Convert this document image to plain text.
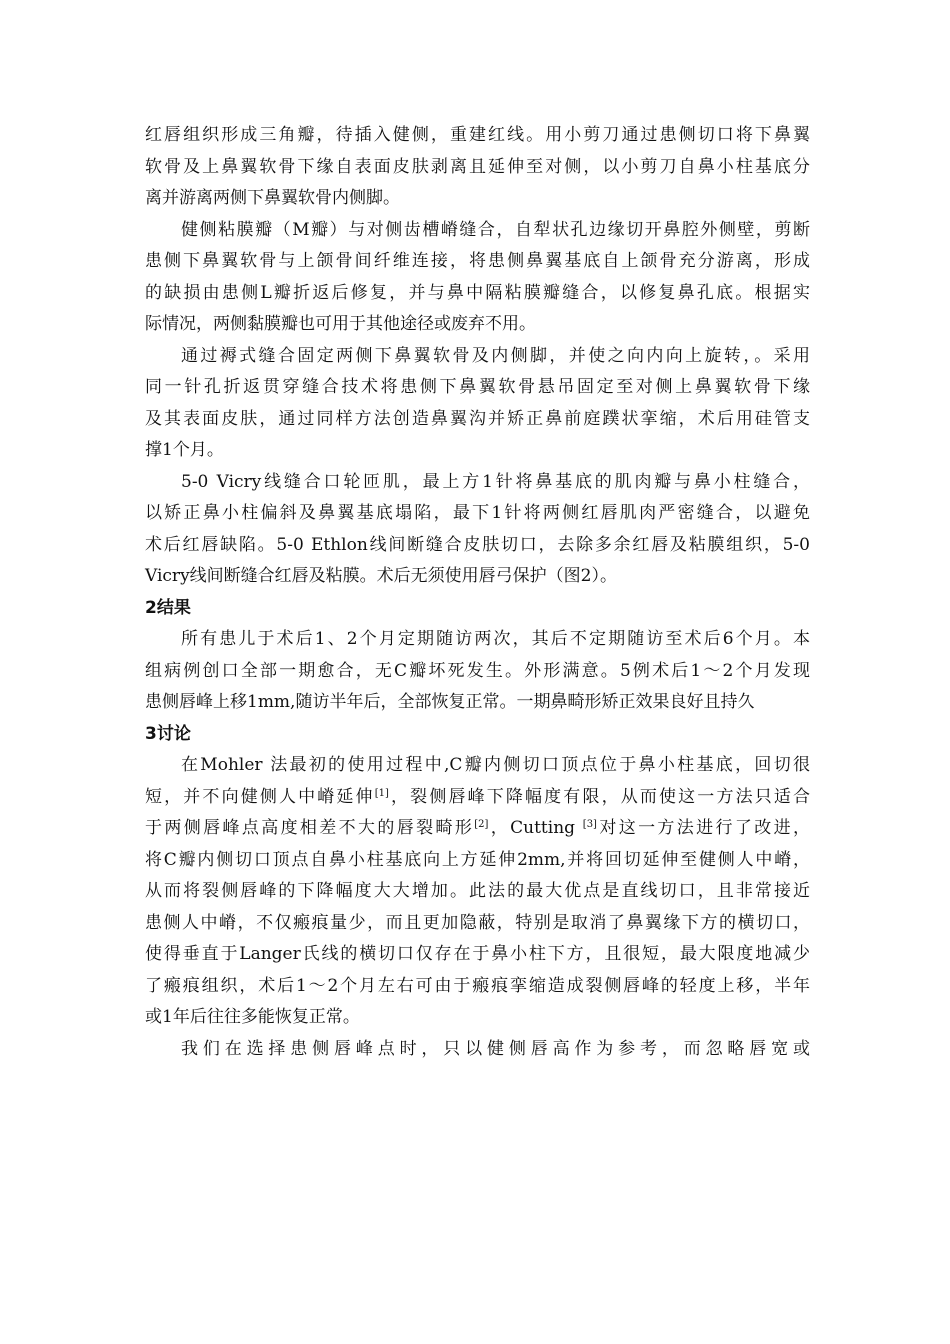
红唇组织形成三角瓣，待插入健侧，重建红线。用小剪刀通过患侧切口将下鼻翼
软骨及上鼻翼软骨下缘自表面皮肤剥离且延伸至对侧，以小剪刀自鼻小柱基底分
离并游离两侧下鼻翼软骨内侧脚。
健侧粘膜瓣（M瓣）与对侧齿槽嵴缝合，自犁状孔边缘切开鼻腔外侧壁，剪断
患侧下鼻翼软骨与上颌骨间纤维连接，将患侧鼻翼基底自上颌骨充分游离，形成
的缺损由患侧L瓣折返后修复，并与鼻中隔粘膜瓣缝合，以修复鼻孔底。根据实
际情况，两侧黏膜瓣也可用于其他途径或废弃不用。
通过褥式缝合固定两侧下鼻翼软骨及内侧脚，并使之向内向上旋转，。采用
同一针孔折返贯穿缝合技术将患侧下鼻翼软骨悬吊固定至对侧上鼻翼软骨下缘
及其表面皮肤，通过同样方法创造鼻翼沟并矫正鼻前庭蹼状挛缩，术后用硅管支
撑1个月。
5-0 Vicry线缝合口轮匝肌，最上方1针将鼻基底的肌肉瓣与鼻小柱缝合，
以矫正鼻小柱偏斜及鼻翼基底塌陷，最下1针将两侧红唇肌肉严密缝合，以避免
术后红唇缺陷。5-0 Ethlon线间断缝合皮肤切口，去除多余红唇及粘膜组织，5-0
Vicry线间断缝合红唇及粘膜。术后无须使用唇弓保护（图2）。
2结果
所有患儿于术后1、2个月定期随访两次，其后不定期随访至术后6个月。本
组病例创口全部一期愈合，无C瓣坏死发生。外形满意。5例术后1～2个月发现
患侧唇峰上移1mm,随访半年后，全部恢复正常。一期鼻畸形矫正效果良好且持久
3讨论
在Mohler 法最初的使用过程中,C瓣内侧切口顶点位于鼻小柱基底，回切很
短，并不向健侧人中嵴延伸[1]，裂侧唇峰下降幅度有限，从而使这一方法只适合
于两侧唇峰点高度相差不大的唇裂畸形[2]，Cutting [3]对这一方法进行了改进，
将C瓣内侧切口顶点自鼻小柱基底向上方延伸2mm,并将回切延伸至健侧人中嵴，
从而将裂侧唇峰的下降幅度大大增加。此法的最大优点是直线切口，且非常接近
患侧人中嵴，不仅瘢痕量少，而且更加隐蔽，特别是取消了鼻翼缘下方的横切口，
使得垂直于Langer氏线的横切口仅存在于鼻小柱下方，且很短，最大限度地减少
了瘢痕组织，术后1～2个月左右可由于瘢痕挛缩造成裂侧唇峰的轻度上移，半年
或1年后往往多能恢复正常。
我们在选择患侧唇峰点时，只以健侧唇高作为参考，而忽略唇宽或
